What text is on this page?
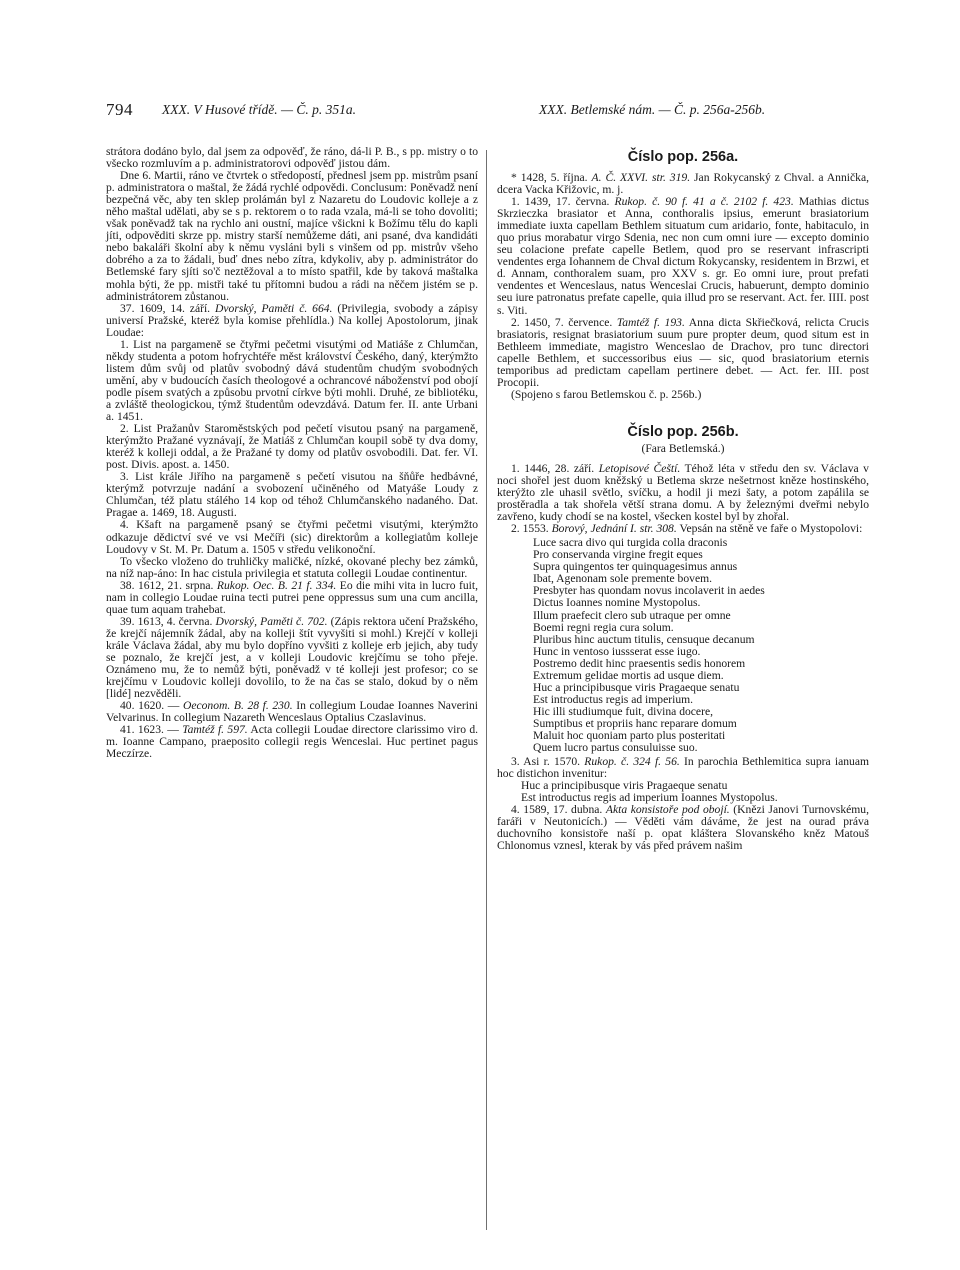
794 XXX. V Husové třídě. — Č. p. 351a.	XXX. Betlemské nám. — Č. p. 256a-256b.

strátora dodáno bylo, dal jsem za odpověď, že ráno, dá-li P. B., s pp. mistry o to všecko rozmluvím a p. administratorovi odpověď jistou dám.

Dne 6. Martii, ráno ve čtvrtek o středopostí, přednesl jsem pp. mistrům psaní p. administratora o maštal, že žádá rychlé odpovědi. Conclusum: Poněvadž není bezpečná věc, aby ten sklep prolámán byl z Nazaretu do Loudovic kolleje a z něho maštal udělati, aby se s p. rektorem o to rada vzala, má-li se toho dovoliti; však poněvadž tak na rychlo ani oustní, majíce všickni k Božímu tělu do kapli jíti, odpověditi skrze pp. mistry starší nemůžeme dáti, ani psané, dva kandidáti nebo bakaláři školní aby k němu vysláni byli s vinšem od pp. mistrův všeho dobrého a za to žádali, buď dnes nebo zítra, kdykoliv, aby p. administrátor do Betlemské fary sjíti so'č neztěžoval a to místo spatřil, kde by taková maštalka mohla býti, že pp. mistři také tu přítomni budou a rádi na něčem jistém se p. administrátorem zůstanou.

37. 1609, 14. září. Dvorský, Paměti č. 664. (Privilegia, svobody a zápisy universí Pražské, kteréž byla komise přehlídla.) Na kollej Apostolorum, jinak Loudae:

1. List na pargameně se čtyřmi pečetmi visutými od Matiáše z Chlumčan, někdy studenta a potom hofrychtéře měst království Českého, daný, kterýmžto listem dům svůj od platův svobodný dává studentům chudým svobodných umění, aby v budoucích časích theologové a ochrancové náboženství pod obojí podle písem svatých a způsobu prvotní církve býti mohli. Druhé, ze bibliotéku, a zvláště theologickou, týmž študentům odevzdává. Datum fer. II. ante Urbani a. 1451.

2. List Pražanův Staroměstských pod pečetí visutou psaný na pargameně, kterýmžto Pražané vyznávají, že Matiáš z Chlumčan koupil sobě ty dva domy, kteréž k kolleji oddal, a že Pražané ty domy od platův osvobodili. Dat. fer. VI. post. Divis. apost. a. 1450.

3. List krále Jiřího na pargameně s pečetí visutou na šňůře hedbávné, kterýmž potvrzuje nadání a svobození učiněného od Matyáše Loudy z Chlumčan, též platu stálého 14 kop od téhož Chlumčanského nadaného. Dat. Pragae a. 1469, 18. Augusti.

4. Kšaft na pargameně psaný se čtyřmi pečetmi visutými, kterýmžto odkazuje dědictví své ve vsi Mečíři (sic) direktorům a kollegiatům kolleje Loudovy v St. M. Pr. Datum a. 1505 v středu velikonoční.

To všecko vloženo do truhličky maličké, nízké, okované plechy bez zámků, na níž nap-áno: In hac cistula privilegia et statuta collegii Loudae continentur.

38. 1612, 21. srpna. Rukop. Oec. B. 21 f. 334. Eo die mihi vita in lucro fuit, nam in collegio Loudae ruina tecti putrei pene oppressus sum una cum ancilla, quae tum aquam trahebat.

39. 1613, 4. června. Dvorský, Paměti č. 702. (Zápis rektora učení Pražského, že krejčí nájemník žádal, aby na kolleji štít vyvyšiti si mohl.) Krejčí v kolleji krále Václava žádal, aby mu bylo dopříno vyvšiti z kolleje erb jejich, aby tudy se poznalo, že krejčí jest, a v kolleji Loudovic krejčímu se toho přeje. Oznámeno mu, že to nemůž býti, poněvadž v té kolleji jest profesor; co se krejčímu v Loudovic kolleji dovolilo, to že na čas se stalo, dokud by o něm [lidé] nezvěděli.

40. 1620. — Oeconom. B. 28 f. 230. In collegium Loudae Ioannes Naverini Velvarinus. In collegium Nazareth Wenceslaus Optalius Czaslavinus.

41. 1623. — Tamtéž f. 597. Acta collegii Loudae directore clarissimo viro d. m. Ioanne Campano, praeposito collegii regis Wenceslai. Huc pertinet pagus Meczírze.

Číslo pop. 256a.

* 1428, 5. října. A. Č. XXVI. str. 319. Jan Rokycanský z Chval. a Annička, dcera Vacka Křižovic, m. j.

1. 1439, 17. června. Rukop. č. 90 f. 41 a č. 2102 f. 423. Mathias dictus Skrzieczka brasiator et Anna, conthoralis ipsius, emerunt brasiatorium immediate iuxta capellam Bethlem situatum cum aridario, fonte, habitaculo, in quo prius morabatur virgo Sdenia, nec non cum omni iure — excepto dominio seu colacione prefate capelle Betlem, quod pro se reservant infrascripti vendentes erga Iohannem de Chval dictum Rokycansky, residentem in Brzwi, et d. Annam, conthoralem suam, pro XXV s. gr. Eo omni iure, prout prefati vendentes et Wenceslaus, natus Wenceslai Crucis, habuerunt, dempto dominio seu iure patronatus prefate capelle, quia illud pro se reservant. Act. fer. IIII. post s. Viti.

2. 1450, 7. července. Tamtéž f. 193. Anna dicta Skřiečková, relicta Crucis brasiatoris, resignat brasiatorium suum pure propter deum, quod situm est in Bethleem immediate, magistro Wenceslao de Drachov, pro tunc directori capelle Bethlem, et successoribus eius — sic, quod brasiatorium eternis temporibus ad predictam capellam pertinere debet. — Act. fer. III. post Procopii.

(Spojeno s farou Betlemskou č. p. 256b.)

Číslo pop. 256b.
(Fara Betlemská.)

1. 1446, 28. září. Letopisové Čeští. Téhož léta v středu den sv. Václava v noci shořel jest duom kněžský u Betlema skrze nešetrnost kněze hostinského, kterýžto zle uhasil světlo, svíčku, a hodil ji mezi šaty, a potom zapálila se prostěradla a tak shořela větší strana domu. A by železnými dveřmi nebylo zavřeno, kudy chodí se na kostel, všecken kostel byl by zhořal.

2. 1553. Borový, Jednání I. str. 308. Vepsán na stěně ve faře o Mystopolovi:

Luce sacra divo qui turgida colla draconis
Pro conservanda virgine fregit eques
Supra quingentos ter quinquagesimus annus
Ibat, Agenonam sole premente bovem.
Presbyter has quondam novus incolaverit in aedes
Dictus Ioannes nomine Mystopolus.
Illum praefecit clero sub utraque per omne
Boemi regni regia cura solum.
Pluribus hinc auctum titulis, censuque decanum
Hunc in ventoso iussserat esse iugo.
Postremo dedit hinc praesentis sedis honorem
Extremum gelidae mortis ad usque diem.
Huc a principibusque viris Pragaeque senatu
Est introductus regis ad imperium.
Hic illi studiumque fuit, divina docere,
Sumptibus et propriis hanc reparare domum
Maluit hoc quoniam parto plus posteritati
Quem lucro partus consuluisse suo.

3. Asi r. 1570. Rukop. č. 324 f. 56. In parochia Bethlemitica supra ianuam hoc distichon invenitur:

Huc a principibusque viris Pragaeque senatu
Est introductus regis ad imperium Ioannes Mystopolus.

4. 1589, 17. dubna. Akta konsistoře pod obojí. (Knězi Janovi Turnovskému, faráři v Neutonicích.) — Věděti vám dáváme, že jest na ourad práva duchovního konsistoře naší p. opat kláštera Slovanského kněz Matouš Chlonomus vznesl, kterak by vás před právem našim
